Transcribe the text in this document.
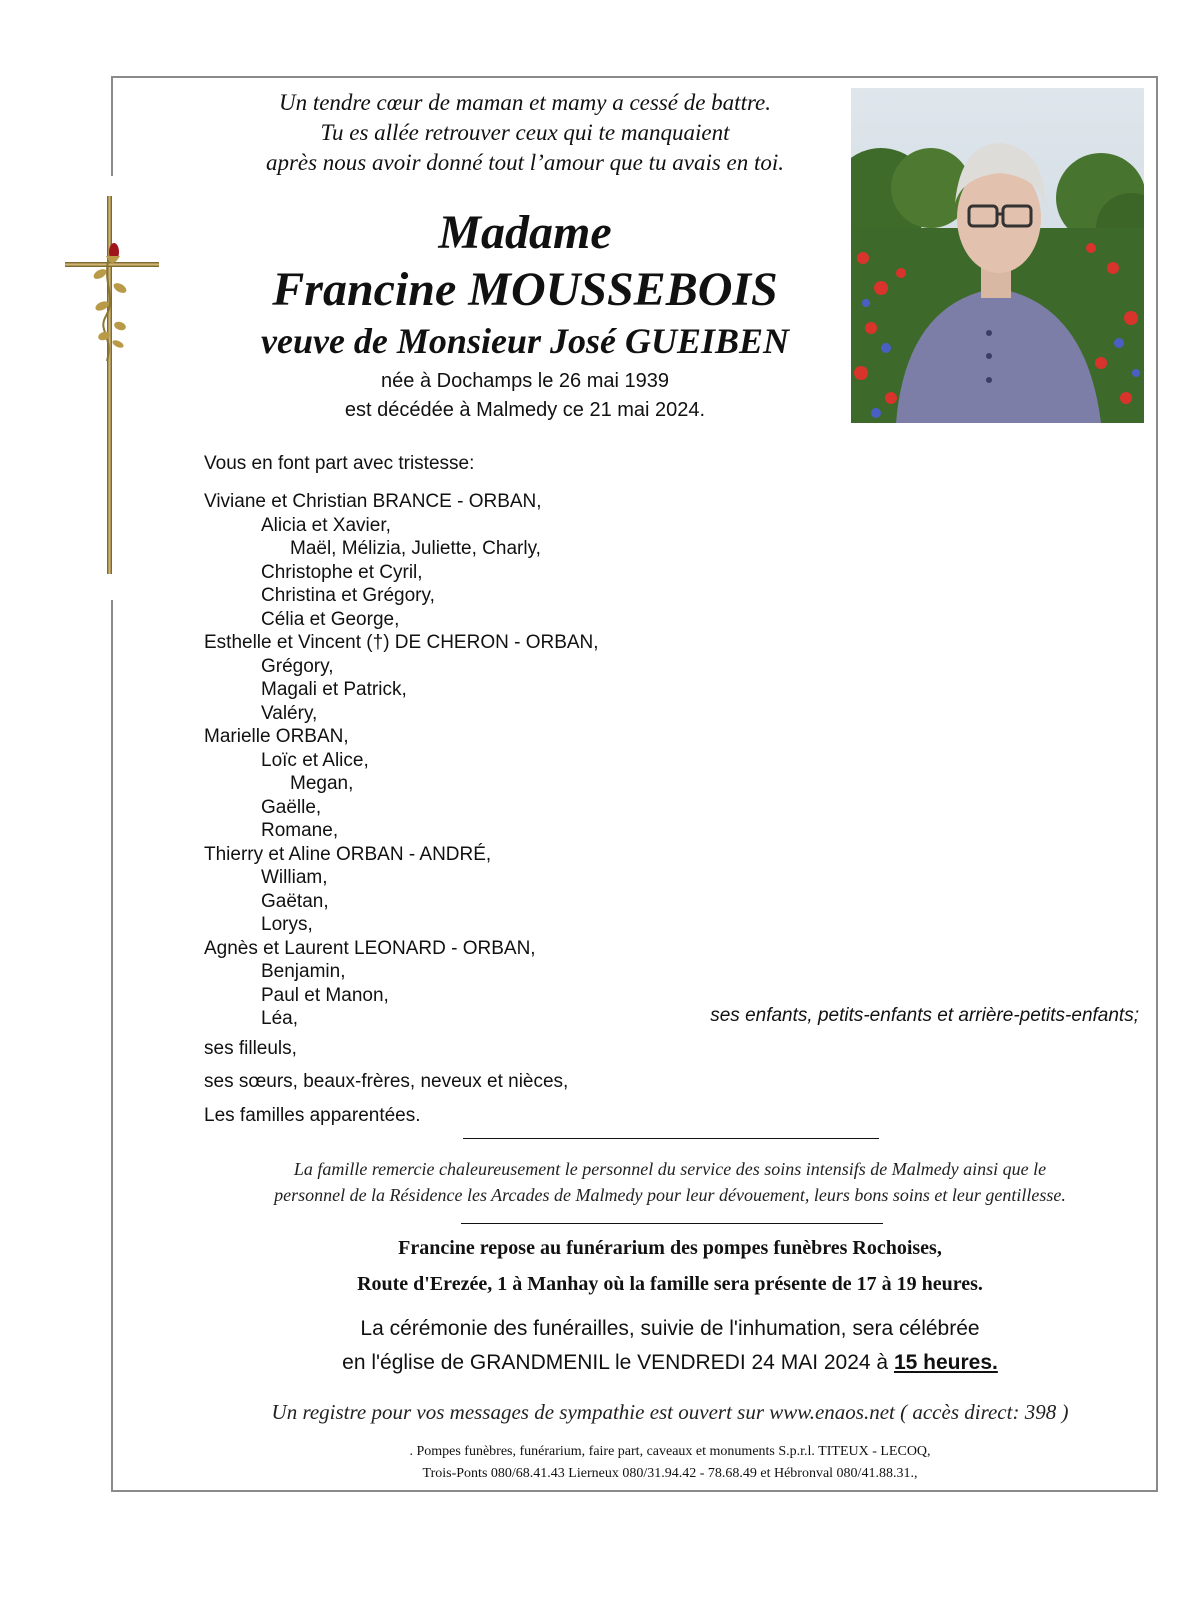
Un tendre cœur de maman et mamy a cessé de battre.
Tu es allée retrouver ceux qui te manquaient
après nous avoir donné tout l’amour que tu avais en toi.
Madame
Francine MOUSSEBOIS
veuve de Monsieur José GUEIBEN
née à Dochamps le 26 mai 1939
est décédée à Malmedy ce 21 mai 2024.
Vous en font part avec tristesse:
Viviane et Christian BRANCE - ORBAN,
Alicia et Xavier,
Maël, Mélizia, Juliette, Charly,
Christophe et Cyril,
Christina et Grégory,
Célia et George,
Esthelle et Vincent (†) DE CHERON - ORBAN,
Grégory,
Magali et Patrick,
Valéry,
Marielle ORBAN,
Loïc et Alice,
Megan,
Gaëlle,
Romane,
Thierry et Aline ORBAN - ANDRÉ,
William,
Gaëtan,
Lorys,
Agnès et Laurent LEONARD - ORBAN,
Benjamin,
Paul et Manon,
Léa,	ses enfants, petits-enfants et arrière-petits-enfants;
ses filleuls,
ses sœurs, beaux-frères, neveux et nièces,
Les familles apparentées.
La famille remercie chaleureusement le personnel du service des soins intensifs de Malmedy ainsi que le
personnel de la Résidence les Arcades de Malmedy pour leur dévouement, leurs bons soins et leur gentillesse.
Francine repose au funérarium des pompes funèbres Rochoises,
Route d'Erezée, 1 à Manhay où la famille sera présente de 17 à 19 heures.
La cérémonie des funérailles, suivie de l'inhumation, sera célébrée
en l'église de GRANDMENIL le VENDREDI 24 MAI 2024 à 15 heures.
Un registre pour vos messages de sympathie est ouvert sur www.enaos.net ( accès direct: 398 )
. Pompes funèbres, funérarium, faire part, caveaux et monuments S.p.r.l. TITEUX - LECOQ,
Trois-Ponts 080/68.41.43 Lierneux 080/31.94.42 - 78.68.49 et Hébronval 080/41.88.31.,
